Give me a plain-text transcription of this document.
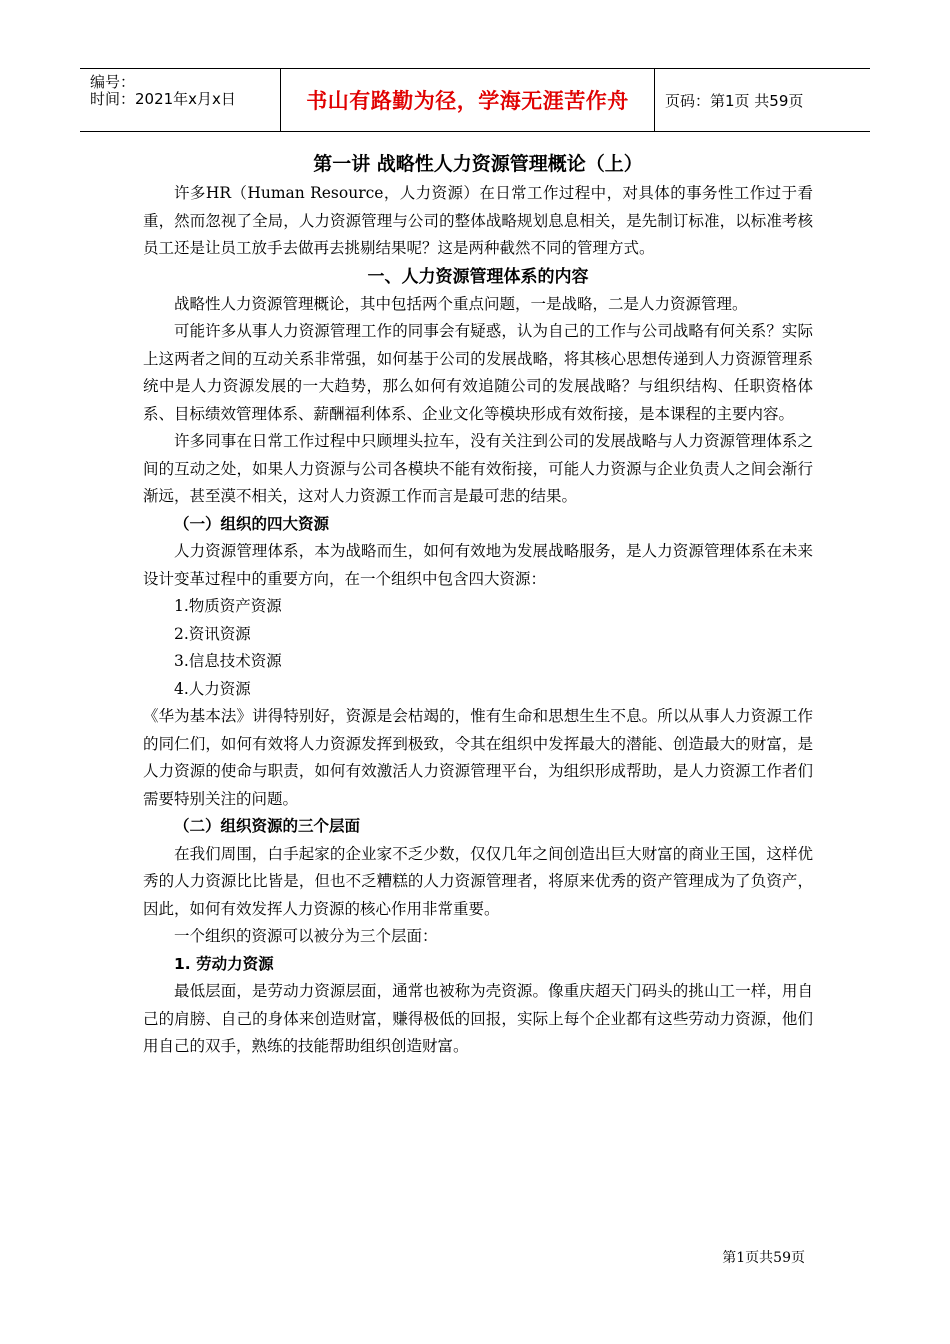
编号：
时间：2021年x月x日	书山有路勤为径，学海无涯苦作舟 页码：第1页 共59页

第一讲 战略性人力资源管理概论（上）

许多HR（Human Resource，人力资源）在日常工作过程中，对具体的事务性工作过于看重，然而忽视了全局，人力资源管理与公司的整体战略规划息息相关，是先制订标准，以标准考核员工还是让员工放手去做再去挑剔结果呢？这是两种截然不同的管理方式。

一、人力资源管理体系的内容

战略性人力资源管理概论，其中包括两个重点问题，一是战略，二是人力资源管理。

可能许多从事人力资源管理工作的同事会有疑惑，认为自己的工作与公司战略有何关系？实际上这两者之间的互动关系非常强，如何基于公司的发展战略，将其核心思想传递到人力资源管理系统中是人力资源发展的一大趋势，那么如何有效追随公司的发展战略？与组织结构、任职资格体系、目标绩效管理体系、薪酬福利体系、企业文化等模块形成有效衔接，是本课程的主要内容。

许多同事在日常工作过程中只顾埋头拉车，没有关注到公司的发展战略与人力资源管理体系之间的互动之处，如果人力资源与公司各模块不能有效衔接，可能人力资源与企业负责人之间会渐行渐远，甚至漠不相关，这对人力资源工作而言是最可悲的结果。

（一）组织的四大资源

人力资源管理体系，本为战略而生，如何有效地为发展战略服务，是人力资源管理体系在未来设计变革过程中的重要方向，在一个组织中包含四大资源：

1.物质资产资源

2.资讯资源

3.信息技术资源

4.人力资源

《华为基本法》讲得特别好，资源是会枯竭的，惟有生命和思想生生不息。所以从事人力资源工作的同仁们，如何有效将人力资源发挥到极致，令其在组织中发挥最大的潜能、创造最大的财富，是人力资源的使命与职责，如何有效激活人力资源管理平台，为组织形成帮助，是人力资源工作者们需要特别关注的问题。

（二）组织资源的三个层面

在我们周围，白手起家的企业家不乏少数，仅仅几年之间创造出巨大财富的商业王国，这样优秀的人力资源比比皆是，但也不乏糟糕的人力资源管理者，将原来优秀的资产管理成为了负资产，因此，如何有效发挥人力资源的核心作用非常重要。

一个组织的资源可以被分为三个层面：

1. 劳动力资源

最低层面，是劳动力资源层面，通常也被称为壳资源。像重庆超天门码头的挑山工一样，用自己的肩膀、自己的身体来创造财富，赚得极低的回报，实际上每个企业都有这些劳动力资源，他们用自己的双手，熟练的技能帮助组织创造财富。

第1页共59页
